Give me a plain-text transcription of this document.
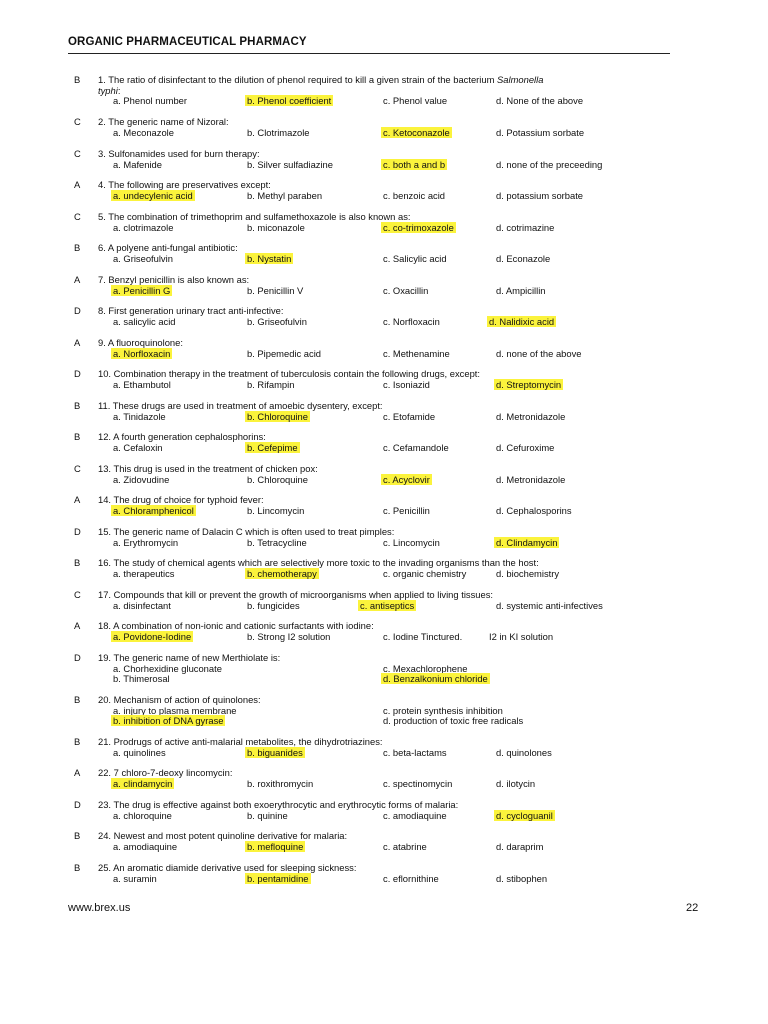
ORGANIC PHARMACEUTICAL PHARMACY
B 1. The ratio of disinfectant to the dilution of phenol required to kill a given strain of the bacterium Salmonella
typhi:
a. Phenol number	b. Phenol coefficient	c. Phenol value	d. None of the above
C 2. The generic name of Nizoral:
a. Meconazole	b. Clotrimazole	c. Ketoconazole	d. Potassium sorbate
C 3. Sulfonamides used for burn therapy:
a. Mafenide	b. Silver sulfadiazine	c. both a and b	d. none of the preceeding
A 4. The following are preservatives except:
a. undecylenic acid	b. Methyl paraben	c. benzoic acid	d. potassium sorbate
C 5. The combination of trimethoprim and sulfamethoxazole is also known as:
a. clotrimazole	b. miconazole	c. co-trimoxazole	d. cotrimazine
B 6. A polyene anti-fungal antibiotic:
a. Griseofulvin	b. Nystatin	c. Salicylic acid	d. Econazole
A 7. Benzyl penicillin is also known as:
a. Penicillin G	b. Penicillin V	c. Oxacillin	d. Ampicillin
D 8. First generation urinary tract anti-infective:
a. salicylic acid	b. Griseofulvin	c. Norfloxacin	d. Nalidixic acid
A 9. A fluoroquinolone:
a. Norfloxacin	b. Pipemedic acid	c. Methenamine	d. none of the above
D 10. Combination therapy in the treatment of tuberculosis contain the following drugs, except:
a. Ethambutol	b. Rifampin	c. Isoniazid	d. Streptomycin
B 11. These drugs are used in treatment of amoebic dysentery, except:
a. Tinidazole	b. Chloroquine	c. Etofamide	d. Metronidazole
B 12. A fourth generation cephalosphorins:
a. Cefaloxin	b. Cefepime	c. Cefamandole	d. Cefuroxime
C 13. This drug is used in the treatment of chicken pox:
a. Zidovudine	b. Chloroquine	c. Acyclovir	d. Metronidazole
A 14. The drug of choice for typhoid fever:
a. Chloramphenicol	b. Lincomycin	c. Penicillin	d. Cephalosporins
D 15. The generic name of Dalacin C which is often used to treat pimples:
a. Erythromycin	b. Tetracycline	c. Lincomycin	d. Clindamycin
B 16. The study of chemical agents which are selectively more toxic to the invading organisms than the host:
a. therapeutics	b. chemotherapy	c. organic chemistry	d. biochemistry
C 17. Compounds that kill or prevent the growth of microorganisms when applied to living tissues:
a. disinfectant	b. fungicides	c. antiseptics	d. systemic anti-infectives
A 18. A combination of non-ionic and cationic surfactants with iodine:
a. Povidone-Iodine	b. Strong I2 solution	c. Iodine Tinctured.	I2 in KI solution
D 19. The generic name of new Merthiolate is:
a. Chorhexidine gluconate	c. Mexachlorophene
b. Thimerosal	d. Benzalkonium chloride
B 20. Mechanism of action of quinolones:
a. injury to plasma membrane	c. protein synthesis inhibition
b. inhibition of DNA gyrase	d. production of toxic free radicals
B 21. Prodrugs of active anti-malarial metabolites, the dihydrotriazines:
a. quinolines	b. biguanides	c. beta-lactams	d. quinolones
A 22. 7 chloro-7-deoxy lincomycin:
a. clindamycin	b. roxithromycin	c. spectinomycin	d. ilotycin
D 23. The drug is effective against both exoerythrocytic and erythrocytic forms of malaria:
a. chloroquine	b. quinine	c. amodiaquine	d. cycloguanil
B 24. Newest and most potent quinoline derivative for malaria:
a. amodiaquine	b. mefloquine	c. atabrine	d. daraprim
B 25. An aromatic diamide derivative used for sleeping sickness:
a. suramin	b. pentamidine	c. eflornithine	d. stibophen
www.brex.us	22
